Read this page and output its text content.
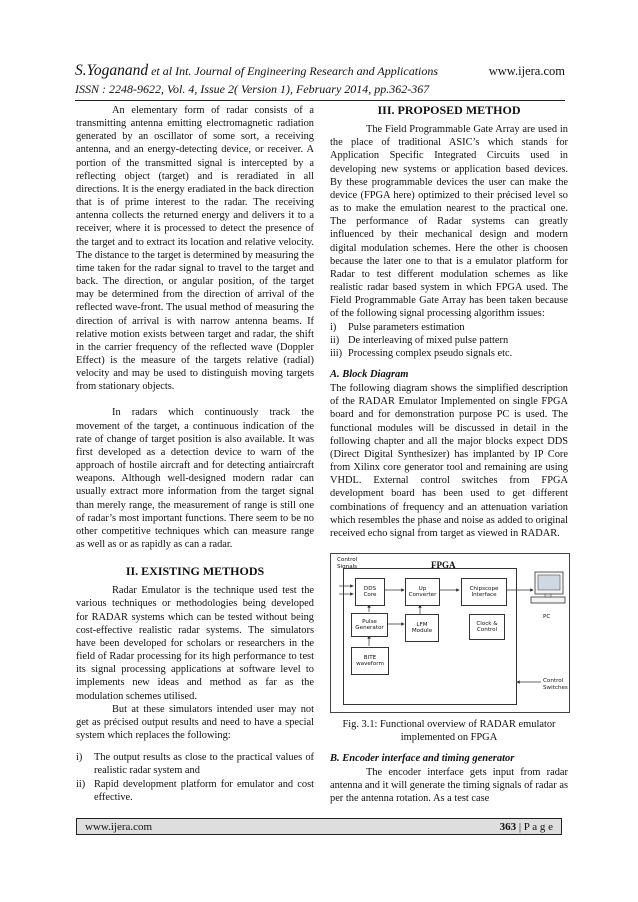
S.Yoganand et al Int. Journal of Engineering Research and Applications	www.ijera.com
ISSN : 2248-9622, Vol. 4, Issue 2( Version 1), February 2014, pp.362-367

An elementary form of radar consists of a transmitting antenna emitting electromagnetic radiation generated by an oscillator of some sort, a receiving antenna, and an energy-detecting device, or receiver. A portion of the transmitted signal is intercepted by a reflecting object (target) and is reradiated in all directions. It is the energy eradiated in the back direction that is of prime interest to the radar. The receiving antenna collects the returned energy and delivers it to a receiver, where it is processed to detect the presence of the target and to extract its location and relative velocity. The distance to the target is determined by measuring the time taken for the radar signal to travel to the target and back. The direction, or angular position, of the target may be determined from the direction of arrival of the reflected wave-front. The usual method of measuring the direction of arrival is with narrow antenna beams. If relative motion exists between target and radar, the shift in the carrier frequency of the reflected wave (Doppler Effect) is the measure of the targets relative (radial) velocity and may be used to distinguish moving targets from stationary objects.

In radars which continuously track the movement of the target, a continuous indication of the rate of change of target position is also available. It was first developed as a detection device to warn of the approach of hostile aircraft and for detecting antiaircraft weapons. Although well-designed modern radar can usually extract more information from the target signal than merely range, the measurement of range is still one of radar’s most important functions. There seem to be no other competitive techniques which can measure range as well as or as rapidly as can a radar.

II. EXISTING METHODS

Radar Emulator is the technique used test the various techniques or methodologies being developed for RADAR systems which can be tested without being cost-effective realistic radar systems. The simulators have been developed for scholars or researchers in the field of Radar processing for its high performance to test its signal processing applications at software level to implements new ideas and method as far as the modulation schemes utilised.

But at these simulators intended user may not get as précised output results and need to have a special system which replaces the following:

i)	The output results as close to the practical values of realistic radar system and
ii) Rapid development platform for emulator and cost effective.
III. PROPOSED METHOD

The Field Programmable Gate Array are used in the place of traditional ASIC’s which stands for Application Specific Integrated Circuits used in developing new systems or application based devices. By these programmable devices the user can make the device (FPGA here) optimized to their précised level so as to make the emulation nearest to the practical one. The performance of Radar systems can greatly influenced by their mechanical design and modern digital modulation schemes. Here the other is choosen because the later one to that is a emulator platform for Radar to test different modulation schemes as like realistic radar based system in which FPGA used. The Field Programmable Gate Array has been taken because of the following signal processing algorithm issues:

i)	Pulse parameters estimation
ii) De interleaving of mixed pulse pattern
iii) Processing complex pseudo signals etc.
A. Block Diagram

The following diagram shows the simplified description of the RADAR Emulator Implemented on single FPGA board and for demonstration purpose PC is used. The functional modules will be discussed in detail in the following chapter and all the major blocks expect DDS (Direct Digital Synthesizer) has implanted by IP Core from Xilinx core generator tool and remaining are using VHDL. External control switches from FPGA development board has been used to get different combinations of frequency and an attenuation variation which resembles the phase and noise as added to original received echo signal from target as viewed in RADAR.

Control
Signals	FPGA
DDS
Core
Up
Converter
Chipscope
Interface
Clock &
Control
Pulse
Generator
LFM
Module
BITE
waveform
PC
Control
Switches
Fig. 3.1: Functional overview of RADAR emulator
implemented on FPGA
B. Encoder interface and timing generator

The encoder interface gets input from radar antenna and it will generate the timing signals of radar as per the antenna rotation. As a test case

www.ijera.com	363 | P a g e
